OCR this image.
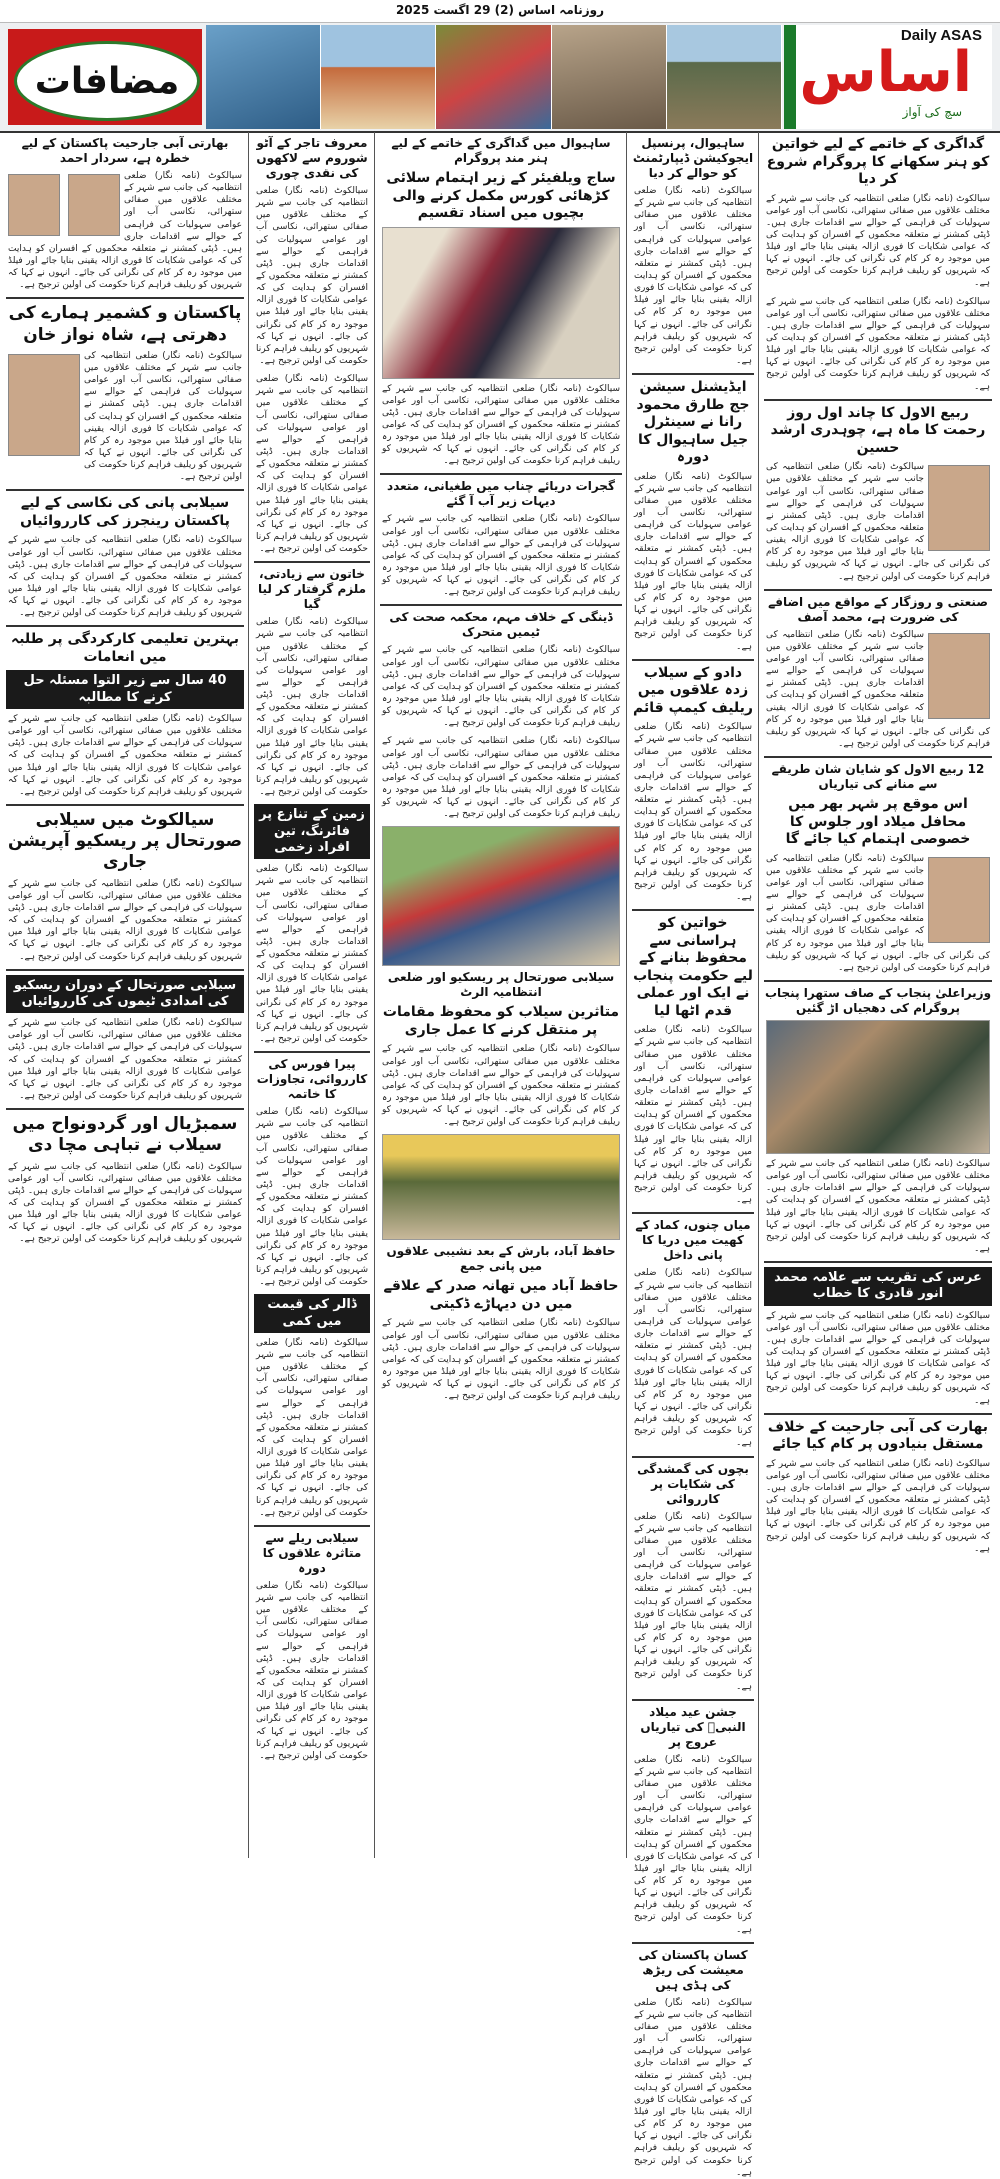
روزنامہ اساس (2) 29 اگست 2025
مضافات
Daily ASAS
اساس
سچ کی آواز
گداگری کے خاتمے کے لیے خواتین کو ہنر سکھانے کا پروگرام شروع کر دیا

سیالکوٹ (نامہ نگار) ضلعی انتظامیہ کی جانب سے شہر کے مختلف علاقوں میں صفائی ستھرائی، نکاسی آب اور عوامی سہولیات کی فراہمی کے حوالے سے اقدامات جاری ہیں۔ ڈپٹی کمشنر نے متعلقہ محکموں کے افسران کو ہدایت کی کہ عوامی شکایات کا فوری ازالہ یقینی بنایا جائے اور فیلڈ میں موجود رہ کر کام کی نگرانی کی جائے۔ انہوں نے کہا کہ شہریوں کو ریلیف فراہم کرنا حکومت کی اولین ترجیح ہے۔

سیالکوٹ (نامہ نگار) ضلعی انتظامیہ کی جانب سے شہر کے مختلف علاقوں میں صفائی ستھرائی، نکاسی آب اور عوامی سہولیات کی فراہمی کے حوالے سے اقدامات جاری ہیں۔ ڈپٹی کمشنر نے متعلقہ محکموں کے افسران کو ہدایت کی کہ عوامی شکایات کا فوری ازالہ یقینی بنایا جائے اور فیلڈ میں موجود رہ کر کام کی نگرانی کی جائے۔ انہوں نے کہا کہ شہریوں کو ریلیف فراہم کرنا حکومت کی اولین ترجیح ہے۔

ربیع الاول کا چاند اول روز رحمت کا ماہ ہے، چوہدری ارشد حسین

سیالکوٹ (نامہ نگار) ضلعی انتظامیہ کی جانب سے شہر کے مختلف علاقوں میں صفائی ستھرائی، نکاسی آب اور عوامی سہولیات کی فراہمی کے حوالے سے اقدامات جاری ہیں۔ ڈپٹی کمشنر نے متعلقہ محکموں کے افسران کو ہدایت کی کہ عوامی شکایات کا فوری ازالہ یقینی بنایا جائے اور فیلڈ میں موجود رہ کر کام کی نگرانی کی جائے۔ انہوں نے کہا کہ شہریوں کو ریلیف فراہم کرنا حکومت کی اولین ترجیح ہے۔

صنعتی و روزگار کے مواقع میں اضافے کی ضرورت ہے، محمد آصف

سیالکوٹ (نامہ نگار) ضلعی انتظامیہ کی جانب سے شہر کے مختلف علاقوں میں صفائی ستھرائی، نکاسی آب اور عوامی سہولیات کی فراہمی کے حوالے سے اقدامات جاری ہیں۔ ڈپٹی کمشنر نے متعلقہ محکموں کے افسران کو ہدایت کی کہ عوامی شکایات کا فوری ازالہ یقینی بنایا جائے اور فیلڈ میں موجود رہ کر کام کی نگرانی کی جائے۔ انہوں نے کہا کہ شہریوں کو ریلیف فراہم کرنا حکومت کی اولین ترجیح ہے۔

12 ربیع الاول کو شایان شان طریقے سے منانے کی تیاریاں
اس موقع پر شہر بھر میں محافل میلاد اور جلوس کا خصوصی اہتمام کیا جائے گا

سیالکوٹ (نامہ نگار) ضلعی انتظامیہ کی جانب سے شہر کے مختلف علاقوں میں صفائی ستھرائی، نکاسی آب اور عوامی سہولیات کی فراہمی کے حوالے سے اقدامات جاری ہیں۔ ڈپٹی کمشنر نے متعلقہ محکموں کے افسران کو ہدایت کی کہ عوامی شکایات کا فوری ازالہ یقینی بنایا جائے اور فیلڈ میں موجود رہ کر کام کی نگرانی کی جائے۔ انہوں نے کہا کہ شہریوں کو ریلیف فراہم کرنا حکومت کی اولین ترجیح ہے۔

وزیراعلیٰ پنجاب کے صاف ستھرا پنجاب پروگرام کی دھجیاں اڑ گئیں

سیالکوٹ (نامہ نگار) ضلعی انتظامیہ کی جانب سے شہر کے مختلف علاقوں میں صفائی ستھرائی، نکاسی آب اور عوامی سہولیات کی فراہمی کے حوالے سے اقدامات جاری ہیں۔ ڈپٹی کمشنر نے متعلقہ محکموں کے افسران کو ہدایت کی کہ عوامی شکایات کا فوری ازالہ یقینی بنایا جائے اور فیلڈ میں موجود رہ کر کام کی نگرانی کی جائے۔ انہوں نے کہا کہ شہریوں کو ریلیف فراہم کرنا حکومت کی اولین ترجیح ہے۔

عرس کی تقریب سے علامہ محمد انور قادری کا خطاب

سیالکوٹ (نامہ نگار) ضلعی انتظامیہ کی جانب سے شہر کے مختلف علاقوں میں صفائی ستھرائی، نکاسی آب اور عوامی سہولیات کی فراہمی کے حوالے سے اقدامات جاری ہیں۔ ڈپٹی کمشنر نے متعلقہ محکموں کے افسران کو ہدایت کی کہ عوامی شکایات کا فوری ازالہ یقینی بنایا جائے اور فیلڈ میں موجود رہ کر کام کی نگرانی کی جائے۔ انہوں نے کہا کہ شہریوں کو ریلیف فراہم کرنا حکومت کی اولین ترجیح ہے۔

بھارت کی آبی جارحیت کے خلاف مستقل بنیادوں پر کام کیا جائے

سیالکوٹ (نامہ نگار) ضلعی انتظامیہ کی جانب سے شہر کے مختلف علاقوں میں صفائی ستھرائی، نکاسی آب اور عوامی سہولیات کی فراہمی کے حوالے سے اقدامات جاری ہیں۔ ڈپٹی کمشنر نے متعلقہ محکموں کے افسران کو ہدایت کی کہ عوامی شکایات کا فوری ازالہ یقینی بنایا جائے اور فیلڈ میں موجود رہ کر کام کی نگرانی کی جائے۔ انہوں نے کہا کہ شہریوں کو ریلیف فراہم کرنا حکومت کی اولین ترجیح ہے۔

ساہیوال، پرنسپل ایجوکیشن ڈیپارٹمنٹ کو حوالے کر دیا

سیالکوٹ (نامہ نگار) ضلعی انتظامیہ کی جانب سے شہر کے مختلف علاقوں میں صفائی ستھرائی، نکاسی آب اور عوامی سہولیات کی فراہمی کے حوالے سے اقدامات جاری ہیں۔ ڈپٹی کمشنر نے متعلقہ محکموں کے افسران کو ہدایت کی کہ عوامی شکایات کا فوری ازالہ یقینی بنایا جائے اور فیلڈ میں موجود رہ کر کام کی نگرانی کی جائے۔ انہوں نے کہا کہ شہریوں کو ریلیف فراہم کرنا حکومت کی اولین ترجیح ہے۔

ایڈیشنل سیشن جج طارق محمود رانا نے سینٹرل جیل ساہیوال کا دورہ

سیالکوٹ (نامہ نگار) ضلعی انتظامیہ کی جانب سے شہر کے مختلف علاقوں میں صفائی ستھرائی، نکاسی آب اور عوامی سہولیات کی فراہمی کے حوالے سے اقدامات جاری ہیں۔ ڈپٹی کمشنر نے متعلقہ محکموں کے افسران کو ہدایت کی کہ عوامی شکایات کا فوری ازالہ یقینی بنایا جائے اور فیلڈ میں موجود رہ کر کام کی نگرانی کی جائے۔ انہوں نے کہا کہ شہریوں کو ریلیف فراہم کرنا حکومت کی اولین ترجیح ہے۔

دادو کے سیلاب زدہ علاقوں میں ریلیف کیمپ قائم

سیالکوٹ (نامہ نگار) ضلعی انتظامیہ کی جانب سے شہر کے مختلف علاقوں میں صفائی ستھرائی، نکاسی آب اور عوامی سہولیات کی فراہمی کے حوالے سے اقدامات جاری ہیں۔ ڈپٹی کمشنر نے متعلقہ محکموں کے افسران کو ہدایت کی کہ عوامی شکایات کا فوری ازالہ یقینی بنایا جائے اور فیلڈ میں موجود رہ کر کام کی نگرانی کی جائے۔ انہوں نے کہا کہ شہریوں کو ریلیف فراہم کرنا حکومت کی اولین ترجیح ہے۔

خواتین کو ہراسانی سے محفوظ بنانے کے لیے حکومت پنجاب نے ایک اور عملی قدم اٹھا لیا

سیالکوٹ (نامہ نگار) ضلعی انتظامیہ کی جانب سے شہر کے مختلف علاقوں میں صفائی ستھرائی، نکاسی آب اور عوامی سہولیات کی فراہمی کے حوالے سے اقدامات جاری ہیں۔ ڈپٹی کمشنر نے متعلقہ محکموں کے افسران کو ہدایت کی کہ عوامی شکایات کا فوری ازالہ یقینی بنایا جائے اور فیلڈ میں موجود رہ کر کام کی نگرانی کی جائے۔ انہوں نے کہا کہ شہریوں کو ریلیف فراہم کرنا حکومت کی اولین ترجیح ہے۔

میاں چنوں، کماد کے کھیت میں دریا کا پانی داخل

سیالکوٹ (نامہ نگار) ضلعی انتظامیہ کی جانب سے شہر کے مختلف علاقوں میں صفائی ستھرائی، نکاسی آب اور عوامی سہولیات کی فراہمی کے حوالے سے اقدامات جاری ہیں۔ ڈپٹی کمشنر نے متعلقہ محکموں کے افسران کو ہدایت کی کہ عوامی شکایات کا فوری ازالہ یقینی بنایا جائے اور فیلڈ میں موجود رہ کر کام کی نگرانی کی جائے۔ انہوں نے کہا کہ شہریوں کو ریلیف فراہم کرنا حکومت کی اولین ترجیح ہے۔

بچوں کی گمشدگی کی شکایات پر کارروائی

سیالکوٹ (نامہ نگار) ضلعی انتظامیہ کی جانب سے شہر کے مختلف علاقوں میں صفائی ستھرائی، نکاسی آب اور عوامی سہولیات کی فراہمی کے حوالے سے اقدامات جاری ہیں۔ ڈپٹی کمشنر نے متعلقہ محکموں کے افسران کو ہدایت کی کہ عوامی شکایات کا فوری ازالہ یقینی بنایا جائے اور فیلڈ میں موجود رہ کر کام کی نگرانی کی جائے۔ انہوں نے کہا کہ شہریوں کو ریلیف فراہم کرنا حکومت کی اولین ترجیح ہے۔

جشن عید میلاد النبیؐ کی تیاریاں عروج پر

سیالکوٹ (نامہ نگار) ضلعی انتظامیہ کی جانب سے شہر کے مختلف علاقوں میں صفائی ستھرائی، نکاسی آب اور عوامی سہولیات کی فراہمی کے حوالے سے اقدامات جاری ہیں۔ ڈپٹی کمشنر نے متعلقہ محکموں کے افسران کو ہدایت کی کہ عوامی شکایات کا فوری ازالہ یقینی بنایا جائے اور فیلڈ میں موجود رہ کر کام کی نگرانی کی جائے۔ انہوں نے کہا کہ شہریوں کو ریلیف فراہم کرنا حکومت کی اولین ترجیح ہے۔

کسان پاکستان کی معیشت کی ریڑھ کی ہڈی ہیں

سیالکوٹ (نامہ نگار) ضلعی انتظامیہ کی جانب سے شہر کے مختلف علاقوں میں صفائی ستھرائی، نکاسی آب اور عوامی سہولیات کی فراہمی کے حوالے سے اقدامات جاری ہیں۔ ڈپٹی کمشنر نے متعلقہ محکموں کے افسران کو ہدایت کی کہ عوامی شکایات کا فوری ازالہ یقینی بنایا جائے اور فیلڈ میں موجود رہ کر کام کی نگرانی کی جائے۔ انہوں نے کہا کہ شہریوں کو ریلیف فراہم کرنا حکومت کی اولین ترجیح ہے۔

ساہیوال میں گداگری کے خاتمے کے لیے ہنر مند پروگرام
ساج ویلفیئر کے زیر اہتمام سلائی کڑھائی کورس مکمل کرنے والی بچیوں میں اسناد تقسیم

سیالکوٹ (نامہ نگار) ضلعی انتظامیہ کی جانب سے شہر کے مختلف علاقوں میں صفائی ستھرائی، نکاسی آب اور عوامی سہولیات کی فراہمی کے حوالے سے اقدامات جاری ہیں۔ ڈپٹی کمشنر نے متعلقہ محکموں کے افسران کو ہدایت کی کہ عوامی شکایات کا فوری ازالہ یقینی بنایا جائے اور فیلڈ میں موجود رہ کر کام کی نگرانی کی جائے۔ انہوں نے کہا کہ شہریوں کو ریلیف فراہم کرنا حکومت کی اولین ترجیح ہے۔

گجرات دریائے چناب میں طغیانی، متعدد دیہات زیر آب آ گئے

سیالکوٹ (نامہ نگار) ضلعی انتظامیہ کی جانب سے شہر کے مختلف علاقوں میں صفائی ستھرائی، نکاسی آب اور عوامی سہولیات کی فراہمی کے حوالے سے اقدامات جاری ہیں۔ ڈپٹی کمشنر نے متعلقہ محکموں کے افسران کو ہدایت کی کہ عوامی شکایات کا فوری ازالہ یقینی بنایا جائے اور فیلڈ میں موجود رہ کر کام کی نگرانی کی جائے۔ انہوں نے کہا کہ شہریوں کو ریلیف فراہم کرنا حکومت کی اولین ترجیح ہے۔

ڈینگی کے خلاف مہم، محکمہ صحت کی ٹیمیں متحرک

سیالکوٹ (نامہ نگار) ضلعی انتظامیہ کی جانب سے شہر کے مختلف علاقوں میں صفائی ستھرائی، نکاسی آب اور عوامی سہولیات کی فراہمی کے حوالے سے اقدامات جاری ہیں۔ ڈپٹی کمشنر نے متعلقہ محکموں کے افسران کو ہدایت کی کہ عوامی شکایات کا فوری ازالہ یقینی بنایا جائے اور فیلڈ میں موجود رہ کر کام کی نگرانی کی جائے۔ انہوں نے کہا کہ شہریوں کو ریلیف فراہم کرنا حکومت کی اولین ترجیح ہے۔

سیالکوٹ (نامہ نگار) ضلعی انتظامیہ کی جانب سے شہر کے مختلف علاقوں میں صفائی ستھرائی، نکاسی آب اور عوامی سہولیات کی فراہمی کے حوالے سے اقدامات جاری ہیں۔ ڈپٹی کمشنر نے متعلقہ محکموں کے افسران کو ہدایت کی کہ عوامی شکایات کا فوری ازالہ یقینی بنایا جائے اور فیلڈ میں موجود رہ کر کام کی نگرانی کی جائے۔ انہوں نے کہا کہ شہریوں کو ریلیف فراہم کرنا حکومت کی اولین ترجیح ہے۔

سیلابی صورتحال پر ریسکیو اور ضلعی انتظامیہ الرٹ
متاثرین سیلاب کو محفوظ مقامات پر منتقل کرنے کا عمل جاری

سیالکوٹ (نامہ نگار) ضلعی انتظامیہ کی جانب سے شہر کے مختلف علاقوں میں صفائی ستھرائی، نکاسی آب اور عوامی سہولیات کی فراہمی کے حوالے سے اقدامات جاری ہیں۔ ڈپٹی کمشنر نے متعلقہ محکموں کے افسران کو ہدایت کی کہ عوامی شکایات کا فوری ازالہ یقینی بنایا جائے اور فیلڈ میں موجود رہ کر کام کی نگرانی کی جائے۔ انہوں نے کہا کہ شہریوں کو ریلیف فراہم کرنا حکومت کی اولین ترجیح ہے۔

حافظ آباد، بارش کے بعد نشیبی علاقوں میں پانی جمع
حافظ آباد میں تھانہ صدر کے علاقے میں دن دیہاڑے ڈکیتی

سیالکوٹ (نامہ نگار) ضلعی انتظامیہ کی جانب سے شہر کے مختلف علاقوں میں صفائی ستھرائی، نکاسی آب اور عوامی سہولیات کی فراہمی کے حوالے سے اقدامات جاری ہیں۔ ڈپٹی کمشنر نے متعلقہ محکموں کے افسران کو ہدایت کی کہ عوامی شکایات کا فوری ازالہ یقینی بنایا جائے اور فیلڈ میں موجود رہ کر کام کی نگرانی کی جائے۔ انہوں نے کہا کہ شہریوں کو ریلیف فراہم کرنا حکومت کی اولین ترجیح ہے۔

معروف تاجر کے آٹو شوروم سے لاکھوں کی نقدی چوری

سیالکوٹ (نامہ نگار) ضلعی انتظامیہ کی جانب سے شہر کے مختلف علاقوں میں صفائی ستھرائی، نکاسی آب اور عوامی سہولیات کی فراہمی کے حوالے سے اقدامات جاری ہیں۔ ڈپٹی کمشنر نے متعلقہ محکموں کے افسران کو ہدایت کی کہ عوامی شکایات کا فوری ازالہ یقینی بنایا جائے اور فیلڈ میں موجود رہ کر کام کی نگرانی کی جائے۔ انہوں نے کہا کہ شہریوں کو ریلیف فراہم کرنا حکومت کی اولین ترجیح ہے۔

سیالکوٹ (نامہ نگار) ضلعی انتظامیہ کی جانب سے شہر کے مختلف علاقوں میں صفائی ستھرائی، نکاسی آب اور عوامی سہولیات کی فراہمی کے حوالے سے اقدامات جاری ہیں۔ ڈپٹی کمشنر نے متعلقہ محکموں کے افسران کو ہدایت کی کہ عوامی شکایات کا فوری ازالہ یقینی بنایا جائے اور فیلڈ میں موجود رہ کر کام کی نگرانی کی جائے۔ انہوں نے کہا کہ شہریوں کو ریلیف فراہم کرنا حکومت کی اولین ترجیح ہے۔

خاتون سے زیادتی، ملزم گرفتار کر لیا گیا

سیالکوٹ (نامہ نگار) ضلعی انتظامیہ کی جانب سے شہر کے مختلف علاقوں میں صفائی ستھرائی، نکاسی آب اور عوامی سہولیات کی فراہمی کے حوالے سے اقدامات جاری ہیں۔ ڈپٹی کمشنر نے متعلقہ محکموں کے افسران کو ہدایت کی کہ عوامی شکایات کا فوری ازالہ یقینی بنایا جائے اور فیلڈ میں موجود رہ کر کام کی نگرانی کی جائے۔ انہوں نے کہا کہ شہریوں کو ریلیف فراہم کرنا حکومت کی اولین ترجیح ہے۔

زمین کے تنازع پر فائرنگ، تین افراد زخمی

سیالکوٹ (نامہ نگار) ضلعی انتظامیہ کی جانب سے شہر کے مختلف علاقوں میں صفائی ستھرائی، نکاسی آب اور عوامی سہولیات کی فراہمی کے حوالے سے اقدامات جاری ہیں۔ ڈپٹی کمشنر نے متعلقہ محکموں کے افسران کو ہدایت کی کہ عوامی شکایات کا فوری ازالہ یقینی بنایا جائے اور فیلڈ میں موجود رہ کر کام کی نگرانی کی جائے۔ انہوں نے کہا کہ شہریوں کو ریلیف فراہم کرنا حکومت کی اولین ترجیح ہے۔

پیرا فورس کی کارروائی، تجاوزات کا خاتمہ

سیالکوٹ (نامہ نگار) ضلعی انتظامیہ کی جانب سے شہر کے مختلف علاقوں میں صفائی ستھرائی، نکاسی آب اور عوامی سہولیات کی فراہمی کے حوالے سے اقدامات جاری ہیں۔ ڈپٹی کمشنر نے متعلقہ محکموں کے افسران کو ہدایت کی کہ عوامی شکایات کا فوری ازالہ یقینی بنایا جائے اور فیلڈ میں موجود رہ کر کام کی نگرانی کی جائے۔ انہوں نے کہا کہ شہریوں کو ریلیف فراہم کرنا حکومت کی اولین ترجیح ہے۔

ڈالر کی قیمت میں کمی

سیالکوٹ (نامہ نگار) ضلعی انتظامیہ کی جانب سے شہر کے مختلف علاقوں میں صفائی ستھرائی، نکاسی آب اور عوامی سہولیات کی فراہمی کے حوالے سے اقدامات جاری ہیں۔ ڈپٹی کمشنر نے متعلقہ محکموں کے افسران کو ہدایت کی کہ عوامی شکایات کا فوری ازالہ یقینی بنایا جائے اور فیلڈ میں موجود رہ کر کام کی نگرانی کی جائے۔ انہوں نے کہا کہ شہریوں کو ریلیف فراہم کرنا حکومت کی اولین ترجیح ہے۔

سیلابی ریلے سے متاثرہ علاقوں کا دورہ

سیالکوٹ (نامہ نگار) ضلعی انتظامیہ کی جانب سے شہر کے مختلف علاقوں میں صفائی ستھرائی، نکاسی آب اور عوامی سہولیات کی فراہمی کے حوالے سے اقدامات جاری ہیں۔ ڈپٹی کمشنر نے متعلقہ محکموں کے افسران کو ہدایت کی کہ عوامی شکایات کا فوری ازالہ یقینی بنایا جائے اور فیلڈ میں موجود رہ کر کام کی نگرانی کی جائے۔ انہوں نے کہا کہ شہریوں کو ریلیف فراہم کرنا حکومت کی اولین ترجیح ہے۔

بھارتی آبی جارحیت پاکستان کے لیے خطرہ ہے، سردار احمد

سیالکوٹ (نامہ نگار) ضلعی انتظامیہ کی جانب سے شہر کے مختلف علاقوں میں صفائی ستھرائی، نکاسی آب اور عوامی سہولیات کی فراہمی کے حوالے سے اقدامات جاری ہیں۔ ڈپٹی کمشنر نے متعلقہ محکموں کے افسران کو ہدایت کی کہ عوامی شکایات کا فوری ازالہ یقینی بنایا جائے اور فیلڈ میں موجود رہ کر کام کی نگرانی کی جائے۔ انہوں نے کہا کہ شہریوں کو ریلیف فراہم کرنا حکومت کی اولین ترجیح ہے۔

پاکستان و کشمیر ہمارے کی دھرتی ہے، شاہ نواز خان

سیالکوٹ (نامہ نگار) ضلعی انتظامیہ کی جانب سے شہر کے مختلف علاقوں میں صفائی ستھرائی، نکاسی آب اور عوامی سہولیات کی فراہمی کے حوالے سے اقدامات جاری ہیں۔ ڈپٹی کمشنر نے متعلقہ محکموں کے افسران کو ہدایت کی کہ عوامی شکایات کا فوری ازالہ یقینی بنایا جائے اور فیلڈ میں موجود رہ کر کام کی نگرانی کی جائے۔ انہوں نے کہا کہ شہریوں کو ریلیف فراہم کرنا حکومت کی اولین ترجیح ہے۔

سیلابی پانی کی نکاسی کے لیے پاکستان رینجرز کی کارروائیاں

سیالکوٹ (نامہ نگار) ضلعی انتظامیہ کی جانب سے شہر کے مختلف علاقوں میں صفائی ستھرائی، نکاسی آب اور عوامی سہولیات کی فراہمی کے حوالے سے اقدامات جاری ہیں۔ ڈپٹی کمشنر نے متعلقہ محکموں کے افسران کو ہدایت کی کہ عوامی شکایات کا فوری ازالہ یقینی بنایا جائے اور فیلڈ میں موجود رہ کر کام کی نگرانی کی جائے۔ انہوں نے کہا کہ شہریوں کو ریلیف فراہم کرنا حکومت کی اولین ترجیح ہے۔

بہترین تعلیمی کارکردگی پر طلبہ میں انعامات
40 سال سے زیر التوا مسئلہ حل کرنے کا مطالبہ

سیالکوٹ (نامہ نگار) ضلعی انتظامیہ کی جانب سے شہر کے مختلف علاقوں میں صفائی ستھرائی، نکاسی آب اور عوامی سہولیات کی فراہمی کے حوالے سے اقدامات جاری ہیں۔ ڈپٹی کمشنر نے متعلقہ محکموں کے افسران کو ہدایت کی کہ عوامی شکایات کا فوری ازالہ یقینی بنایا جائے اور فیلڈ میں موجود رہ کر کام کی نگرانی کی جائے۔ انہوں نے کہا کہ شہریوں کو ریلیف فراہم کرنا حکومت کی اولین ترجیح ہے۔

سیالکوٹ میں سیلابی صورتحال پر ریسکیو آپریشن جاری

سیالکوٹ (نامہ نگار) ضلعی انتظامیہ کی جانب سے شہر کے مختلف علاقوں میں صفائی ستھرائی، نکاسی آب اور عوامی سہولیات کی فراہمی کے حوالے سے اقدامات جاری ہیں۔ ڈپٹی کمشنر نے متعلقہ محکموں کے افسران کو ہدایت کی کہ عوامی شکایات کا فوری ازالہ یقینی بنایا جائے اور فیلڈ میں موجود رہ کر کام کی نگرانی کی جائے۔ انہوں نے کہا کہ شہریوں کو ریلیف فراہم کرنا حکومت کی اولین ترجیح ہے۔

سیلابی صورتحال کے دوران ریسکیو کی امدادی ٹیموں کی کارروائیاں

سیالکوٹ (نامہ نگار) ضلعی انتظامیہ کی جانب سے شہر کے مختلف علاقوں میں صفائی ستھرائی، نکاسی آب اور عوامی سہولیات کی فراہمی کے حوالے سے اقدامات جاری ہیں۔ ڈپٹی کمشنر نے متعلقہ محکموں کے افسران کو ہدایت کی کہ عوامی شکایات کا فوری ازالہ یقینی بنایا جائے اور فیلڈ میں موجود رہ کر کام کی نگرانی کی جائے۔ انہوں نے کہا کہ شہریوں کو ریلیف فراہم کرنا حکومت کی اولین ترجیح ہے۔

سمبڑیال اور گردونواح میں سیلاب نے تباہی مچا دی

سیالکوٹ (نامہ نگار) ضلعی انتظامیہ کی جانب سے شہر کے مختلف علاقوں میں صفائی ستھرائی، نکاسی آب اور عوامی سہولیات کی فراہمی کے حوالے سے اقدامات جاری ہیں۔ ڈپٹی کمشنر نے متعلقہ محکموں کے افسران کو ہدایت کی کہ عوامی شکایات کا فوری ازالہ یقینی بنایا جائے اور فیلڈ میں موجود رہ کر کام کی نگرانی کی جائے۔ انہوں نے کہا کہ شہریوں کو ریلیف فراہم کرنا حکومت کی اولین ترجیح ہے۔
